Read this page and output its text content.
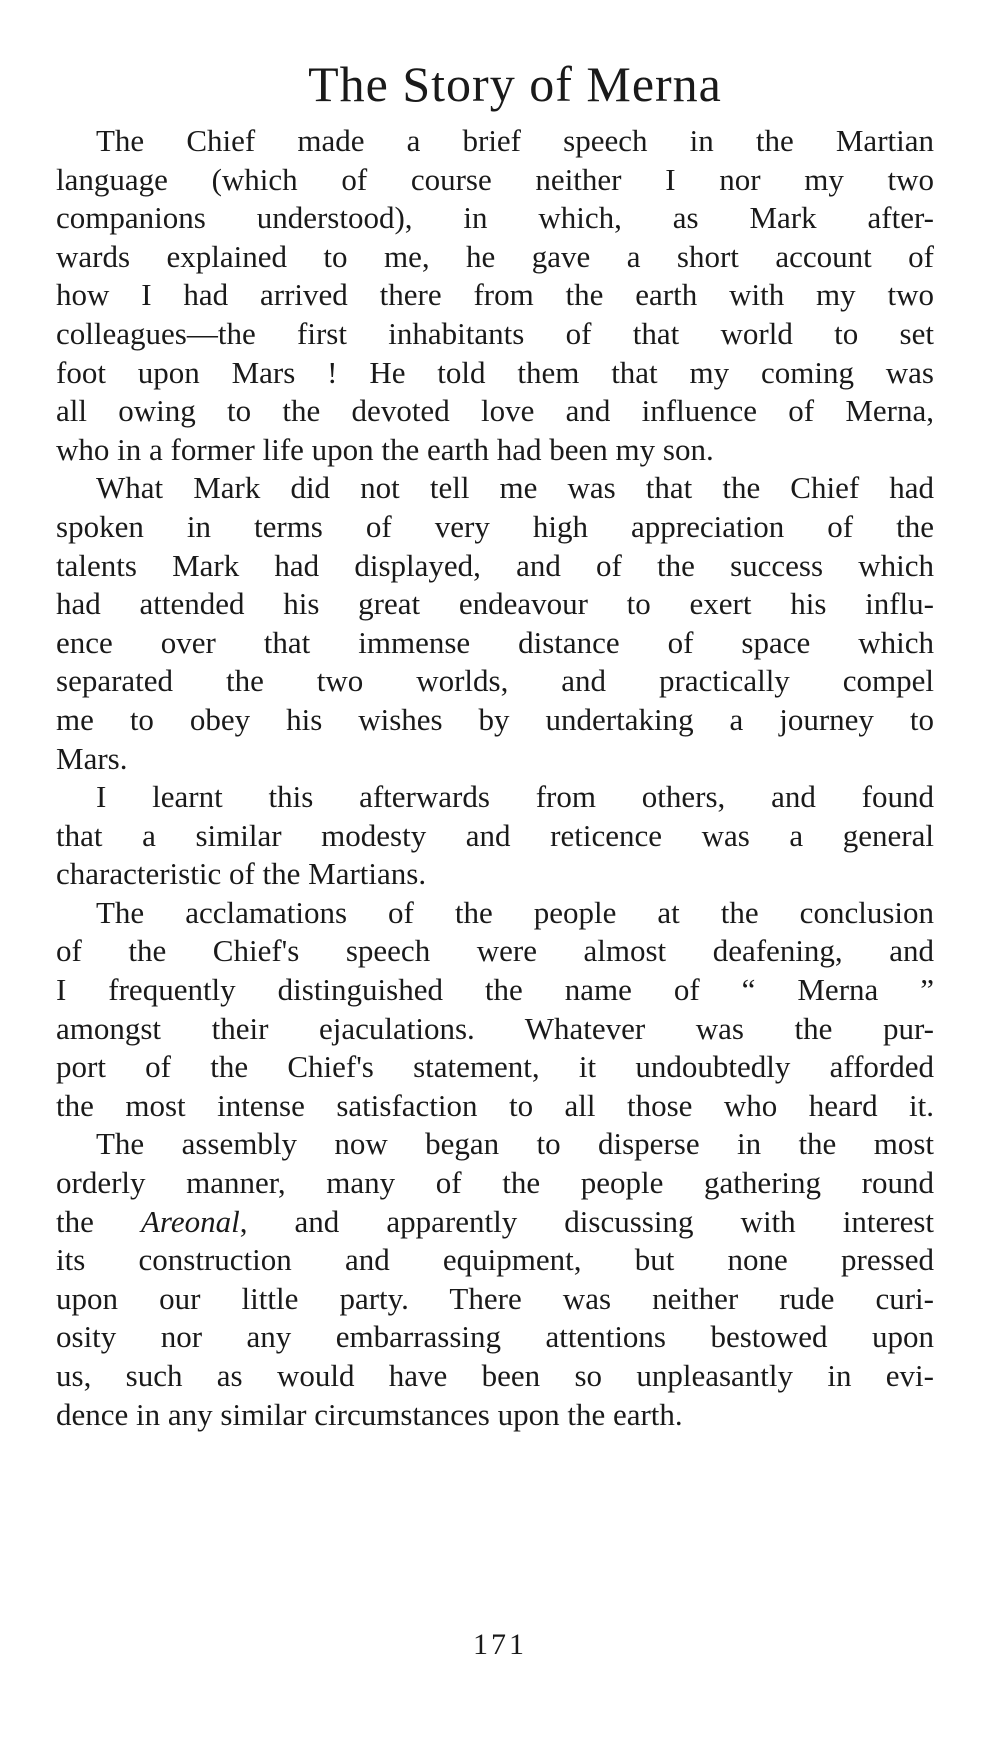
The Story of Merna

The Chief made a brief speech in the Martian
language (which of course neither I nor my two
companions understood), in which, as Mark after-
wards explained to me, he gave a short account of
how I had arrived there from the earth with my two
colleagues—the first inhabitants of that world to set
foot upon Mars ! He told them that my coming was
all owing to the devoted love and influence of Merna,
who in a former life upon the earth had been my son.

What Mark did not tell me was that the Chief had
spoken in terms of very high appreciation of the
talents Mark had displayed, and of the success which
had attended his great endeavour to exert his influ-
ence over that immense distance of space which
separated the two worlds, and practically compel
me to obey his wishes by undertaking a journey to
Mars.

I learnt this afterwards from others, and found
that a similar modesty and reticence was a general
characteristic of the Martians.

The acclamations of the people at the conclusion
of the Chief's speech were almost deafening, and
I frequently distinguished the name of “ Merna ”
amongst their ejaculations. Whatever was the pur-
port of the Chief's statement, it undoubtedly afforded
the most intense satisfaction to all those who heard it.

The assembly now began to disperse in the most
orderly manner, many of the people gathering round
the Areonal, and apparently discussing with interest
its construction and equipment, but none pressed
upon our little party. There was neither rude curi-
osity nor any embarrassing attentions bestowed upon
us, such as would have been so unpleasantly in evi-
dence in any similar circumstances upon the earth.

171
